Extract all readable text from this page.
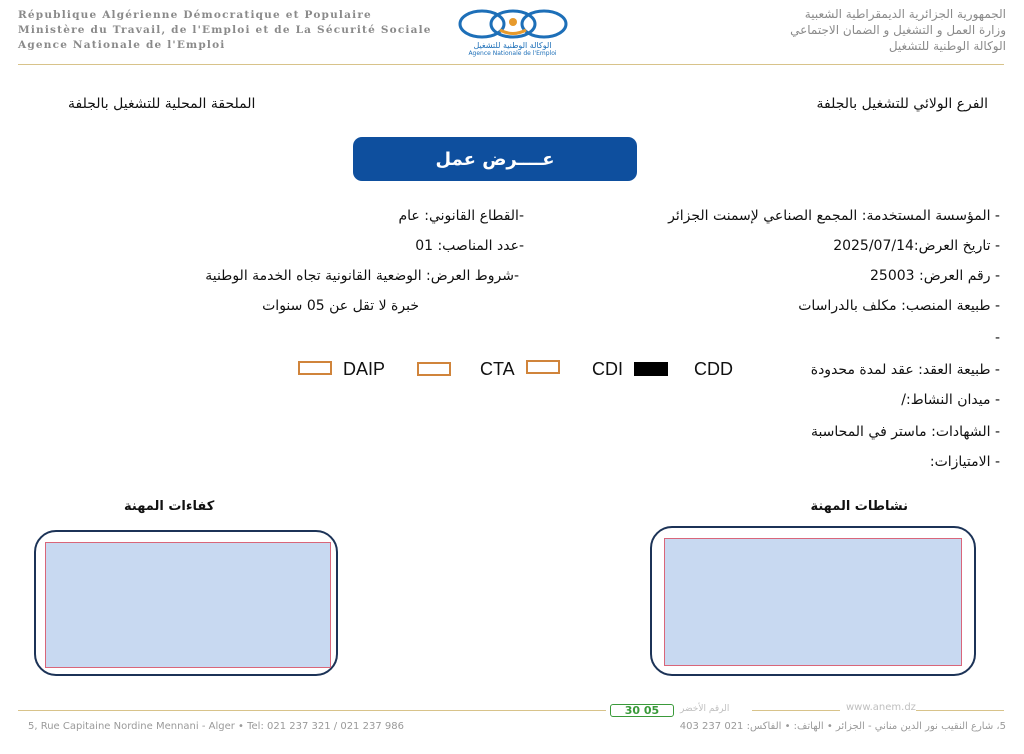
République Algérienne Démocratique et Populaire
Ministère du Travail, de l'Emploi et de La Sécurité Sociale
Agence Nationale de l'Emploi	الوكالة الوطنية للتشغيل
Agence Nationale de l'Emploi
الجمهورية الجزائرية الديمقراطية الشعبية
وزارة العمل و التشغيل و الضمان الاجتماعي
الوكالة الوطنية للتشغيل
الفرع الولائي للتشغيل بالجلفة
الملحقة المحلية للتشغيل بالجلفة
عــــرض عمل
- المؤسسة المستخدمة: المجمع الصناعي لإسمنت الجزائر
- تاريخ العرض:2025/07/14
- رقم العرض: 25003
- طبيعة المنصب: مكلف بالدراسات
-
-القطاع القانوني: عام
-عدد المناصب: 01
-شروط العرض: الوضعية القانونية تجاه الخدمة الوطنية
خبرة لا تقل عن 05 سنوات
- طبيعة العقد: عقد لمدة محدودة
CDD
CDI
CTA
DAIP
- ميدان النشاط:/
- الشهادات: ماستر في المحاسبة
- الامتيازات:
نشاطات المهنة
كفاءات المهنة
30 05	الرقم الأخضر	www.anem.dz
5, Rue Capitaine Nordine Mennani - Alger • Tel: 021 237 321 / 021 237 986	5، شارع النقيب نور الدين مناني - الجزائر • الهاتف: • الفاكس: 021 237 403
